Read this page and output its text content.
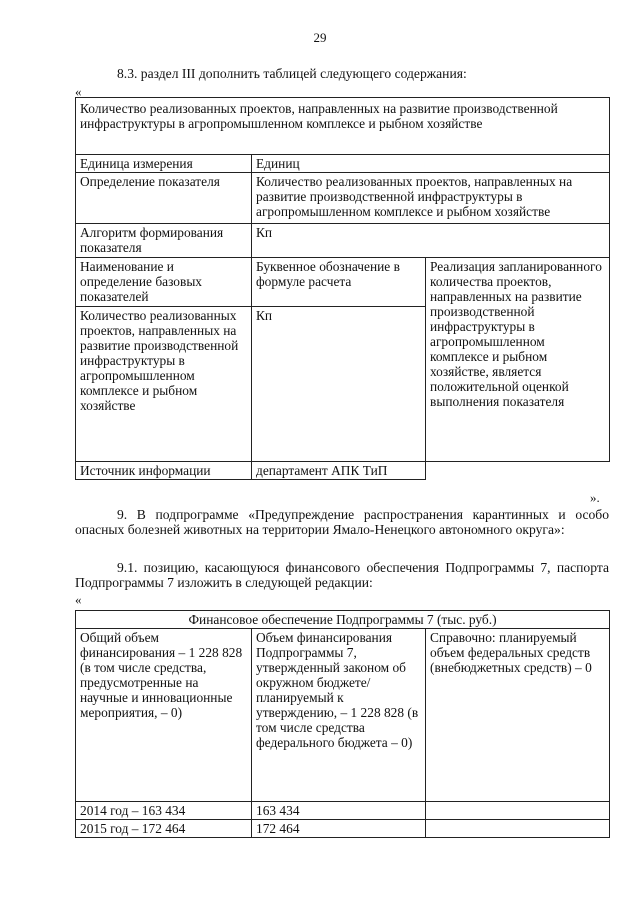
29
8.3. раздел III дополнить таблицей следующего содержания:
«
Количество реализованных проектов, направленных на развитие производственной инфраструктуры в агропромышленном комплексе и рыбном хозяйстве		
Единица измерения	Единиц	
Определение показателя	Количество реализованных проектов, направленных на развитие производственной инфраструктуры в агропромышленном комплексе и рыбном хозяйстве	
Алгоритм формирования показателя	Кп	
Наименование и определение базовых показателей	Буквенное обозначение в формуле расчета	Реализация запланированного количества проектов, направленных на развитие производственной инфраструктуры в агропромышленном комплексе и рыбном хозяйстве, является положительной оценкой выполнения показателя
Количество реализованных проектов, направленных на развитие производственной инфраструктуры в агропромышленном комплексе и рыбном хозяйстве	Кп	
Источник информации	департамент АПК ТиП	
».
9. В подпрограмме «Предупреждение распространения карантинных и особо опасных болезней животных на территории Ямало-Ненецкого автономного округа»:
9.1. позицию, касающуюся финансового обеспечения Подпрограммы 7, паспорта Подпрограммы 7 изложить в следующей редакции:
«
Финансовое обеспечение Подпрограммы 7 (тыс. руб.)		
Общий объем финансирования – 1 228 828 (в том числе средства, предусмотренные на научные и инновационные мероприятия, – 0)	Объем финансирования Подпрограммы 7, утвержденный законом об окружном бюджете/планируемый к утверждению, – 1 228 828 (в том числе средства федерального бюджета – 0)	Справочно: планируемый объем федеральных средств (внебюджетных средств) – 0
2014 год – 163 434	163 434	
2015 год – 172 464	172 464	
